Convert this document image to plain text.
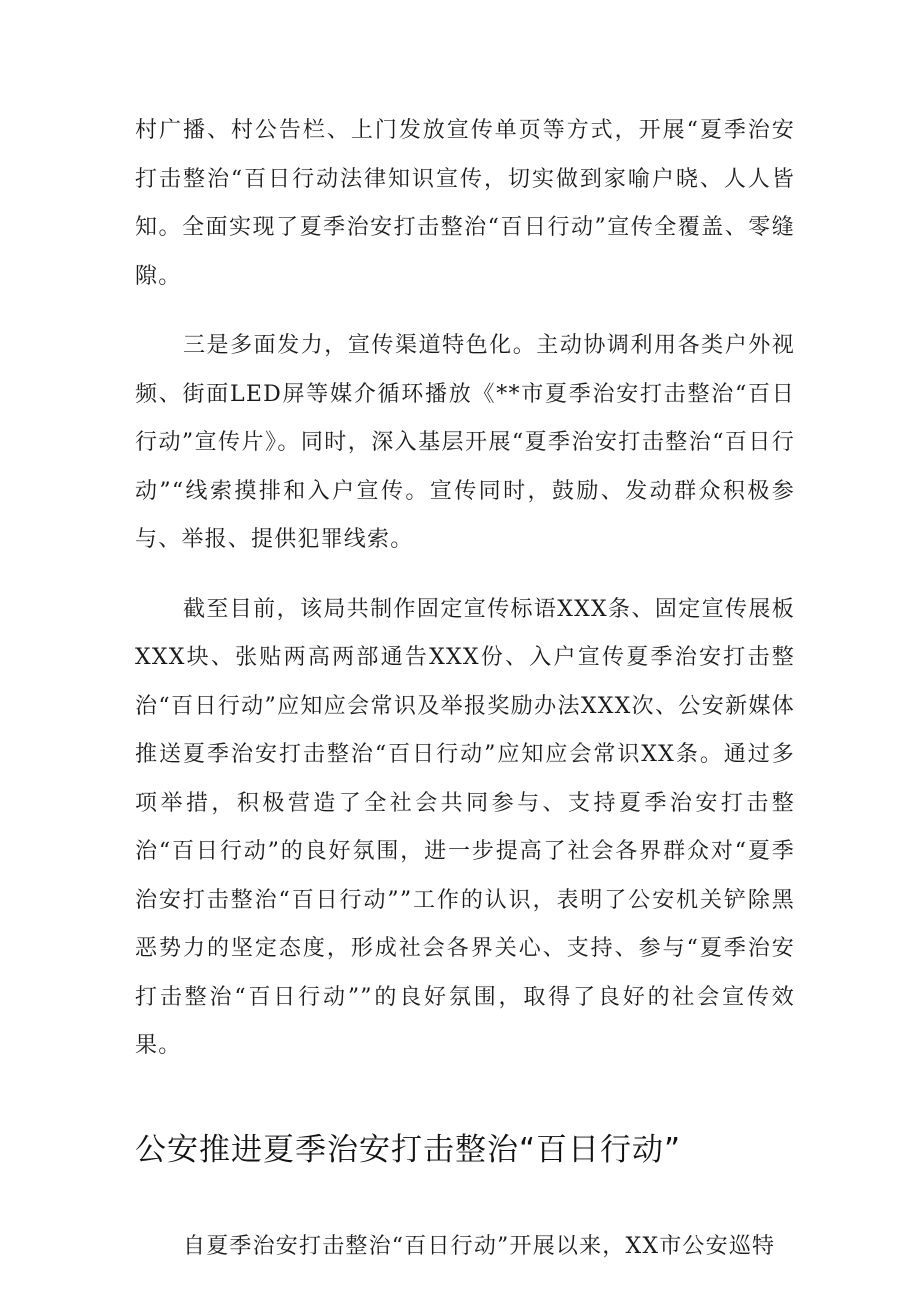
村广播、村公告栏、上门发放宣传单页等方式，开展“夏季治安打击整治“百日行动法律知识宣传，切实做到家喻户晓、人人皆知。全面实现了夏季治安打击整治“百日行动”宣传全覆盖、零缝隙。

三是多面发力，宣传渠道特色化。主动协调利用各类户外视频、街面LED屏等媒介循环播放《**市夏季治安打击整治“百日行动”宣传片》。同时，深入基层开展“夏季治安打击整治“百日行动”“线索摸排和入户宣传。宣传同时，鼓励、发动群众积极参与、举报、提供犯罪线索。

截至目前，该局共制作固定宣传标语XXX条、固定宣传展板XXX块、张贴两高两部通告XXX份、入户宣传夏季治安打击整治“百日行动”应知应会常识及举报奖励办法XXX次、公安新媒体推送夏季治安打击整治“百日行动”应知应会常识XX条。通过多项举措，积极营造了全社会共同参与、支持夏季治安打击整治“百日行动”的良好氛围，进一步提高了社会各界群众对“夏季治安打击整治“百日行动””工作的认识，表明了公安机关铲除黑恶势力的坚定态度，形成社会各界关心、支持、参与“夏季治安打击整治“百日行动””的良好氛围，取得了良好的社会宣传效果。

公安推进夏季治安打击整治“百日行动”

自夏季治安打击整治“百日行动”开展以来，XX市公安巡特
